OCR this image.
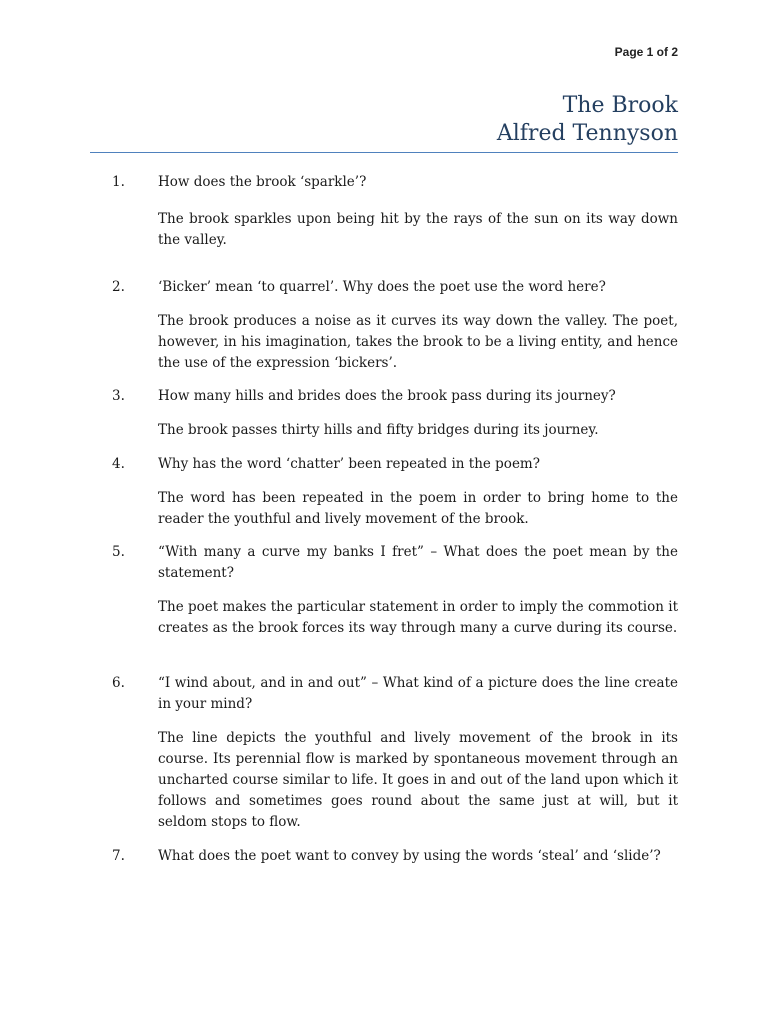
Page 1 of 2
The Brook
Alfred Tennyson
1.	How does the brook ‘sparkle’?
The brook sparkles upon being hit by the rays of the sun on its way down the valley.
2.	‘Bicker’ mean ‘to quarrel’. Why does the poet use the word here?
The brook produces a noise as it curves its way down the valley. The poet, however, in his imagination, takes the brook to be a living entity, and hence the use of the expression ‘bickers’.
3.	How many hills and brides does the brook pass during its journey?
The brook passes thirty hills and fifty bridges during its journey.
4.	Why has the word ‘chatter’ been repeated in the poem?
The word has been repeated in the poem in order to bring home to the reader the youthful and lively movement of the brook.
5.	“With many a curve my banks I fret” – What does the poet mean by the statement?
The poet makes the particular statement in order to imply the commotion it creates as the brook forces its way through many a curve during its course.
6.	“I wind about, and in and out” – What kind of a picture does the line create in your mind?
The line depicts the youthful and lively movement of the brook in its course. Its perennial flow is marked by spontaneous movement through an uncharted course similar to life. It goes in and out of the land upon which it follows and sometimes goes round about the same just at will, but it seldom stops to flow.
7.	What does the poet want to convey by using the words ‘steal’ and ‘slide’?
